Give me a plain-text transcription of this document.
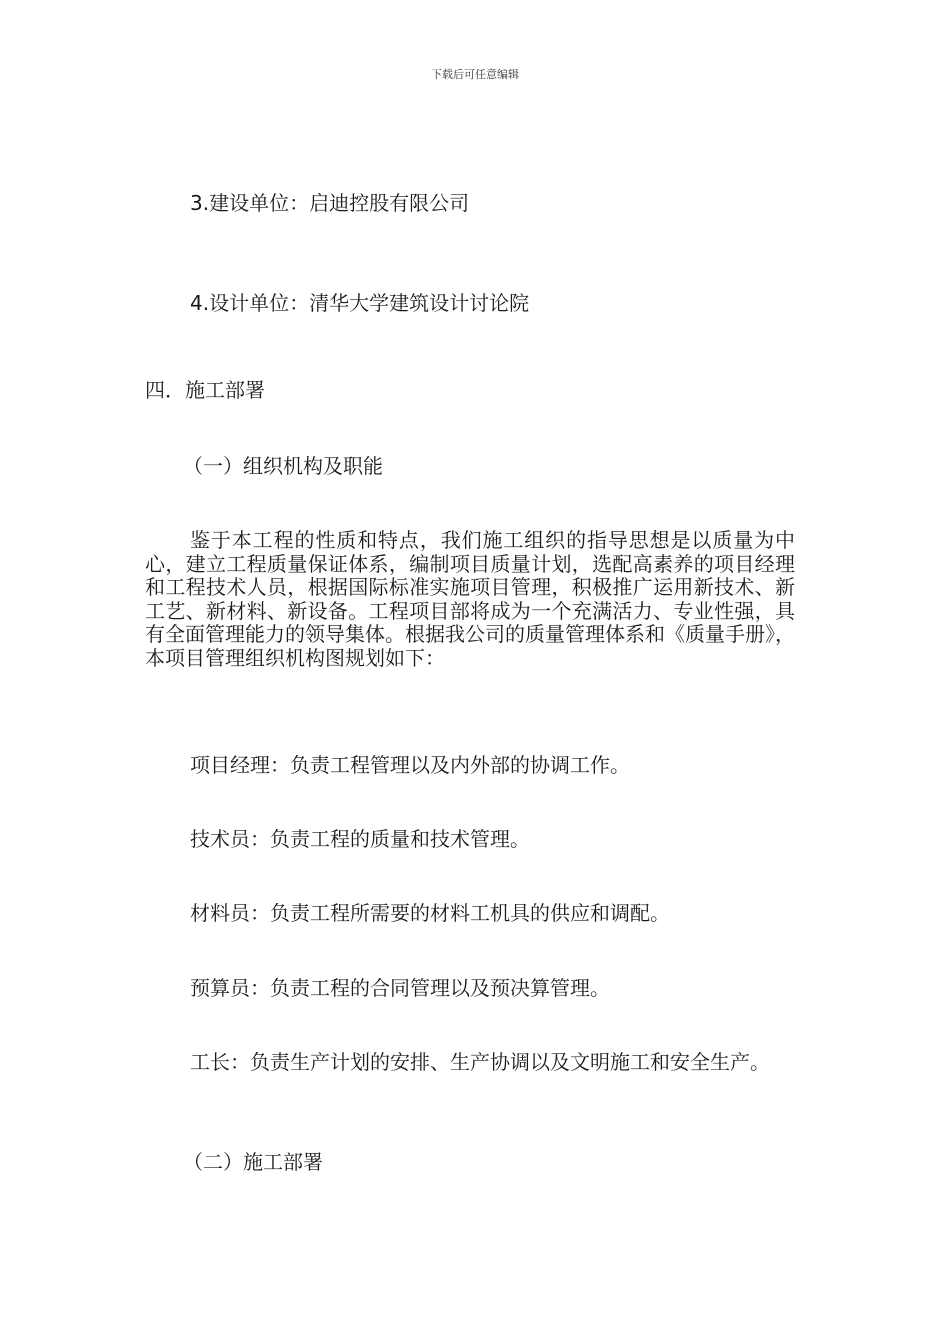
下载后可任意编辑

3.建设单位：启迪控股有限公司

4.设计单位：清华大学建筑设计讨论院

四．施工部署

（一）组织机构及职能

鉴于本工程的性质和特点，我们施工组织的指导思想是以质量为中心，建立工程质量保证体系，编制项目质量计划，选配高素养的项目经理和工程技术人员，根据国际标准实施项目管理，积极推广运用新技术、新工艺、新材料、新设备。工程项目部将成为一个充满活力、专业性强，具有全面管理能力的领导集体。根据我公司的质量管理体系和《质量手册》，本项目管理组织机构图规划如下：

项目经理：负责工程管理以及内外部的协调工作。

技术员：负责工程的质量和技术管理。

材料员：负责工程所需要的材料工机具的供应和调配。

预算员：负责工程的合同管理以及预决算管理。

工长：负责生产计划的安排、生产协调以及文明施工和安全生产。

（二）施工部署
